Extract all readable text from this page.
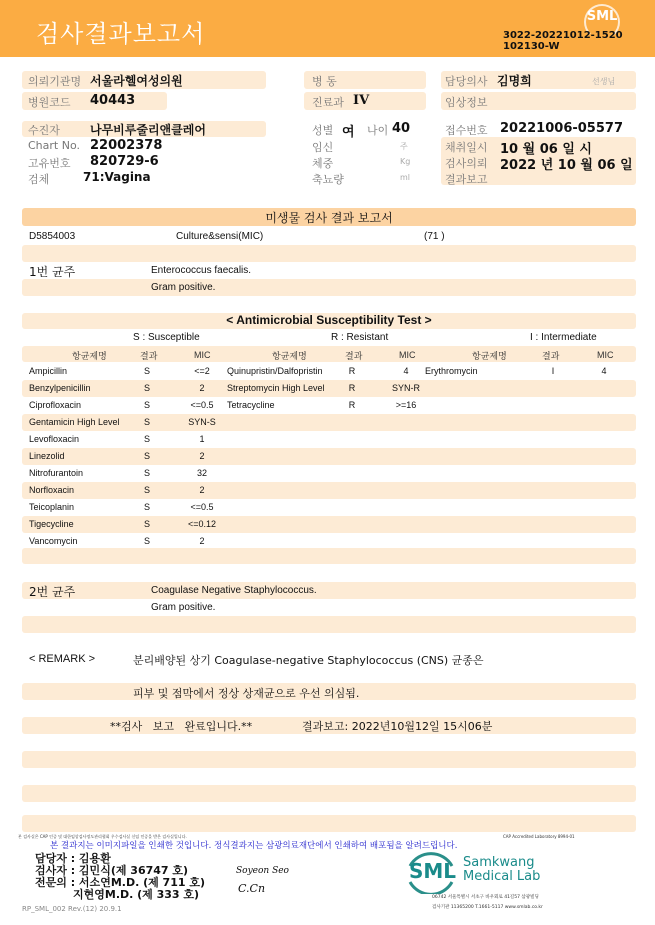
검사결과보고서
SML
3022-20221012-1520
102130-W
의뢰기관명 서울라헬여성의원
병원코드 40443
수진자	나무비루줄리앤클레어
Chart No. 22002378
고유번호 820729-6
검체	71:Vagina
병 동
진료과 IV
성별 여 나이 40
임신	주
체중	Kg
축뇨량	ml
담당의사 김명희	선생님
임상정보
접수번호 20221006-05577
채취일시 10 월 06 일 시
검사의뢰 2022 년 10 월 06 일
결과보고
미생물 검사 결과 보고서
D5854003	Culture&sensi(MIC)	(71 )
1번 균주	Enterococcus faecalis.
Gram positive.
< Antimicrobial Susceptibility Test >
S : Susceptible	R : Resistant	I : Intermediate
항균제명	결과	MIC	항균제명	결과	MIC	항균제명	결과	MIC
Ampicillin	S	<=2	Quinupristin/Dalfopristin	R	4	Erythromycin	I	4
Benzylpenicillin	S	2	Streptomycin High Level	R	SYN-R
Ciprofloxacin	S	<=0.5	Tetracycline	R	>=16
Gentamicin High Level	S	SYN-S
Levofloxacin	S	1
Linezolid	S	2
Nitrofurantoin	S	32
Norfloxacin	S	2
Teicoplanin	S	<=0.5
Tigecycline	S	<=0.12
Vancomycin	S	2
2번 균주	Coagulase Negative Staphylococcus.
Gram positive.
< REMARK >	분리배양된 상기 Coagulase-negative Staphylococcus (CNS) 균종은
피부 및 점막에서 정상 상재균으로 우선 의심됨.
**검사   보고   완료입니다.**	결과보고: 2022년10월12일 15시06분
본 검사실은 CAP 인증 및 대한임상검사정도관리협회 우수검사실 신임 인증을 받은 검사실입니다.	CAP Accredited Laboratory 8994-01
본 결과지는 이미지파일을 인쇄한 것입니다. 정식결과지는 삼광의료재단에서 인쇄하여 배포됨을 알려드립니다.
담당자 : 김용환
검사자 : 김민식(제 36747 호)
전문의 : 서소연M.D. (제 711 호)
지현영M.D. (제 333 호)
Soyeon Seo
C.Cn
RP_SML_002 Rev.(12) 20.9.1
SML Samkwang
Medical Lab
06742 서울특별시 서초구 바우뫼로 41길57 삼광빌딩
검사기관 11365200 T.1661-5117 www.smlab.co.kr
